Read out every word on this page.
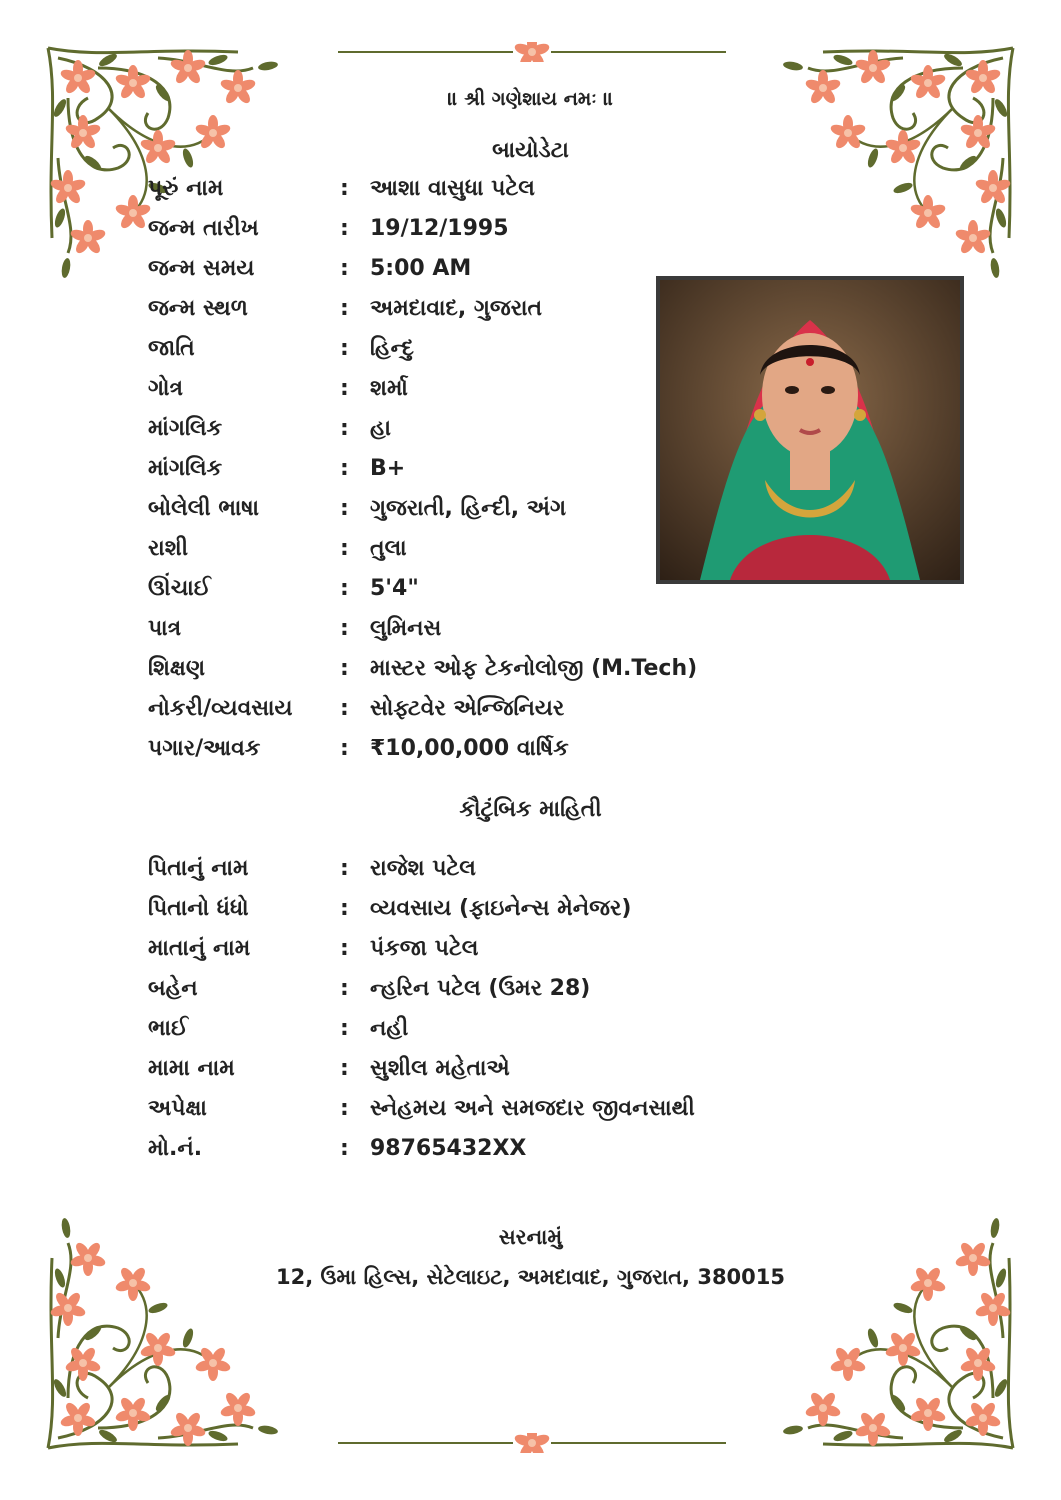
॥ શ્રી ગણેશાય નમઃ ॥
બાયોડેટા
પૂરું નામ	: આશા વાસુધા પટેલ
જન્મ તારીખ	: 19/12/1995
જન્મ સમય	: 5:00 AM
જન્મ સ્થળ	: અમદાવાદ, ગુજરાત
જાતિ	: હિન્દુ
ગોત્ર	: શર્મા
માંગલિક	: હા
માંગલિક	: B+
બોલેલી ભાષા	: ગુજરાતી, હિન્દી, અંગ
રાશી	: તુલા
ઊંચાઈ	: 5'4"
પાત્ર	: લુમિનસ
શિક્ષણ	: માસ્ટર ઓફ ટેકનોલોજી (M.Tech)
નોકરી/વ્યવસાય	: સોફ્ટવેર એન્જિનિયર
પગાર/આવક	: ₹10,00,000 વાર્ષિક
કૌટુંબિક માહિતી
પિતાનું નામ	: રાજેશ પટેલ
પિતાનો ધંધો	: વ્યવસાય (ફાઇનેન્સ મેનેજર)
માતાનું નામ	: પંકજા પટેલ
બહેન	: ન્હરિન પટેલ (ઉમર 28)
ભાઈ	: નહી
મામા નામ	: સુશીલ મહેતાએ
અપેક્ષા	: સ્નેહમય અને સમજદાર જીવનસાથી
મો.નં.	: 98765432XX
સરનામું
12, ઉમા હિલ્સ, સેટેલાઇટ, અમદાવાદ, ગુજરાત, 380015
